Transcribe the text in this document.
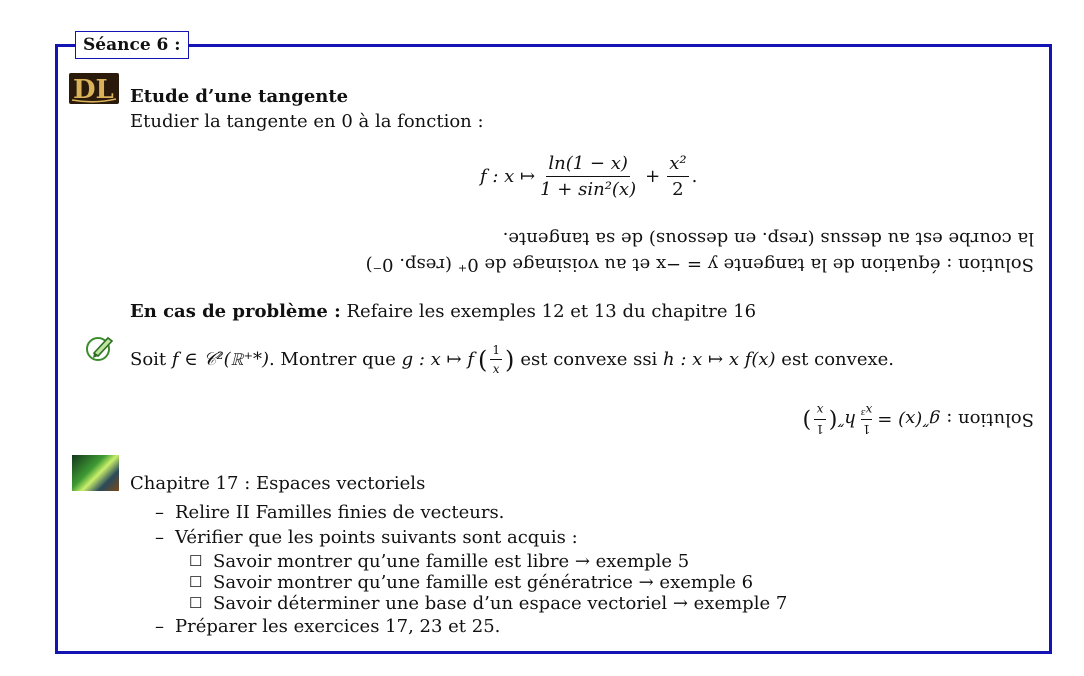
Séance 6 :
DL Etude d’une tangente
Etudier la tangente en 0 à la fonction :
f : x ↦ $\frac{\ln(1 - x)}{\text{1 + sin²(x)}} + \frac{\text{x²}}{2}$ .
Solution : équation de la tangente y = −x et au voisinage de 0⁺ (resp. 0⁻)
la courbe est au dessus (resp. en dessous) de sa tangente.
En cas de problème : Refaire les exemples 12 et 13 du chapitre 16
Soit
f ∈ 𝒞²(ℝ⁺*) . Montrer que
g : x ↦ f ( $\frac{1}{x}$ ) est convexe ssi
h : x ↦ x f(x)
est convexe.
Solution :

g″(x) =
1
x³
h″
(
1
x
)
Chapitre 17 : Espaces vectoriels
– Relire II Familles finies de vecteurs.
– Vérifier que les points suivants sont acquis :
☐ Savoir montrer qu’une famille est libre → exemple 5
☐ Savoir montrer qu’une famille est génératrice → exemple 6
☐ Savoir déterminer une base d’un espace vectoriel → exemple 7
– Préparer les exercices 17, 23 et 25.
